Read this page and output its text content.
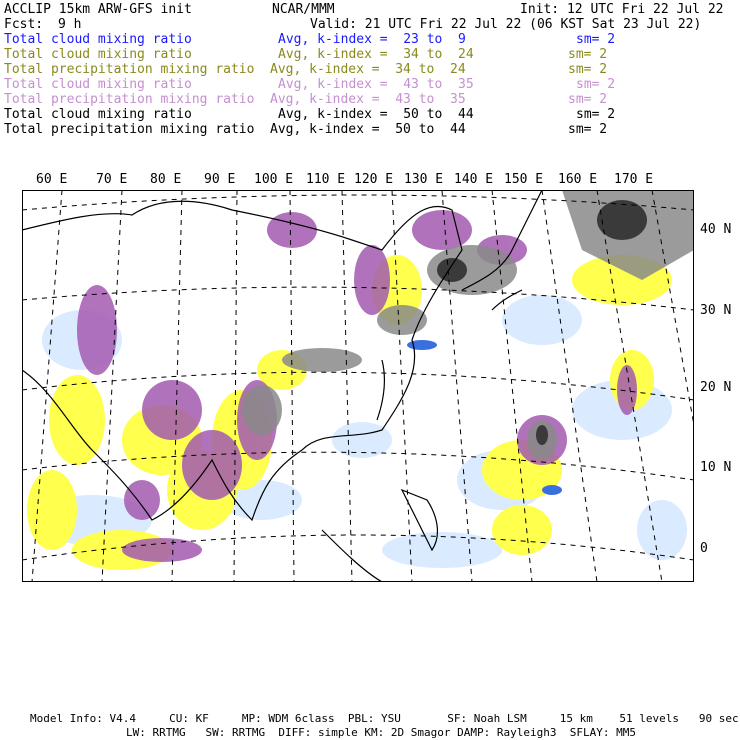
ACCLIP 15km ARW-GFS init	NCAR/MMM	Init: 12 UTC Fri 22 Jul 22
Fcst: 9 h	Valid: 21 UTC Fri 22 Jul 22 (06 KST Sat 23 Jul 22)
Total cloud mixing ratio	Avg, k-index =  23 to  9	sm= 2
Total cloud mixing ratio	Avg, k-index =  34 to  24	sm= 2
Total precipitation mixing ratio Avg, k-index =  34 to  24	sm= 2
Total cloud mixing ratio	Avg, k-index =  43 to  35	sm= 2
Total precipitation mixing ratio Avg, k-index =  43 to  35	sm= 2
Total cloud mixing ratio	Avg, k-index =  50 to  44	sm= 2
Total precipitation mixing ratio Avg, k-index =  50 to  44	sm= 2
60 E 70 E 80 E 90 E 100 E 110 E 120 E 130 E 140 E 150 E 160 E 170 E
40 N
30 N
20 N
10 N
0
Model Info: V4.4     CU: KF     MP: WDM 6class  PBL: YSU       SF: Noah LSM     15 km    51 levels   90 sec
LW: RRTMG   SW: RRTMG  DIFF: simple KM: 2D Smagor DAMP: Rayleigh3  SFLAY: MM5
